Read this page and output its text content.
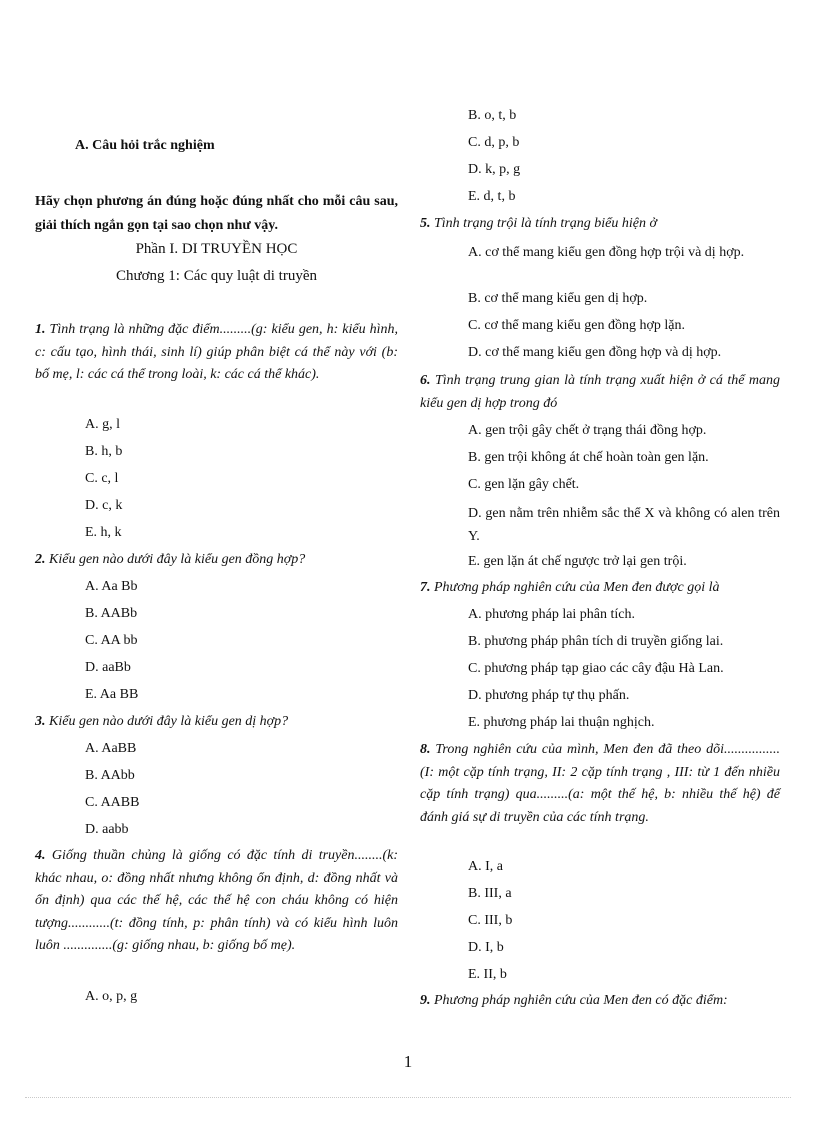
A. Câu hỏi trắc nghiệm
Hãy chọn phương án đúng hoặc đúng nhất cho mỗi câu sau, giải thích ngắn gọn tại sao chọn như vậy.
Phần I. DI TRUYỀN HỌC
Chương 1: Các quy luật di truyền
1. Tình trạng là những đặc điểm.........(g: kiểu gen, h: kiểu hình, c: cấu tạo, hình thái, sinh lí) giúp phân biệt cá thể này với (b: bố mẹ, l: các cá thể trong loài, k: các cá thể khác).
A. g, l
B. h, b
C. c, l
D. c, k
E. h, k
2. Kiểu gen nào dưới đây là kiểu gen đồng hợp?
A. Aa Bb
B. AABb
C. AA bb
D. aaBb
E. Aa BB
3. Kiểu gen nào dưới đây là kiểu gen dị hợp?
A. AaBB
B. AAbb
C. AABB
D. aabb
4. Giống thuần chủng là giống có đặc tính di truyền........(k: khác nhau, o: đồng nhất nhưng không ổn định, d: đồng nhất và ổn định) qua các thế hệ, các thế hệ con cháu không có hiện tượng............(t: đồng tính, p: phân tính) và có kiểu hình luôn luôn ..............(g: giống nhau, b: giống bố mẹ).
A. o, p, g
B. o, t, b
C. d, p, b
D. k, p, g
E. d, t, b
5. Tình trạng trội là tính trạng biểu hiện ở
A. cơ thể mang kiểu gen đồng hợp trội và dị hợp.
B. cơ thể mang kiểu gen dị hợp.
C. cơ thể mang kiểu gen đồng hợp lặn.
D. cơ thể mang kiểu gen đồng hợp và dị hợp.
6. Tình trạng trung gian là tính trạng xuất hiện ở cá thể mang kiểu gen dị hợp trong đó
A. gen trội gây chết ở trạng thái đồng hợp.
B. gen trội không át chế hoàn toàn gen lặn.
C. gen lặn gây chết.
D. gen nằm trên nhiễm sắc thể X và không có alen trên Y.
E. gen lặn át chế ngược trở lại gen trội.
7. Phương pháp nghiên cứu của Men đen được gọi là
A. phương pháp lai phân tích.
B. phương pháp phân tích di truyền giống lai.
C. phương pháp tạp giao các cây đậu Hà Lan.
D. phương pháp tự thụ phấn.
E. phương pháp lai thuận nghịch.
8. Trong nghiên cứu của mình, Men đen đã theo dõi................(I: một cặp tính trạng, II: 2 cặp tính trạng , III: từ 1 đến nhiều cặp tính trạng) qua.........(a: một thế hệ, b: nhiều thế hệ) để đánh giá sự di truyền của các tính trạng.
A. I, a
B. III, a
C. III, b
D. I, b
E. II, b
9. Phương pháp nghiên cứu của Men đen có đặc điểm:
1
